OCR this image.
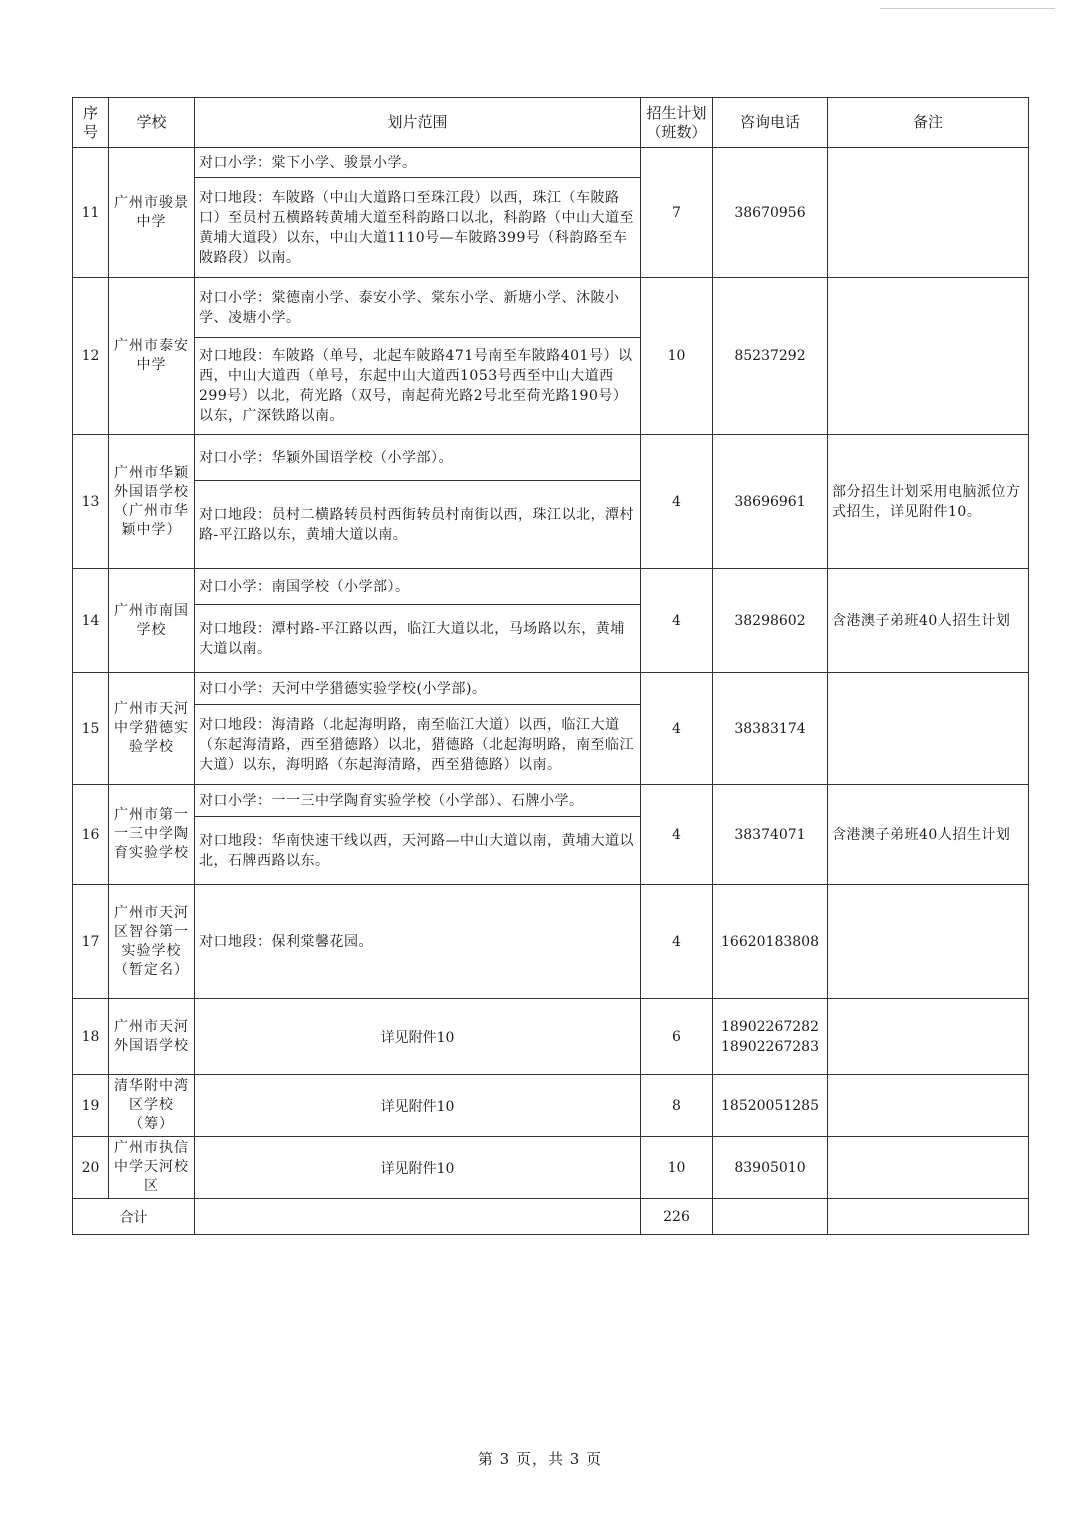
序号	学校	划片范围	招生计划（班数）	咨询电话	备注
11	广州市骏景中学	对口小学：棠下小学、骏景小学。	7	38670956	
		对口地段：车陂路（中山大道路口至珠江段）以西，珠江（车陂路口）至员村五横路转黄埔大道至科韵路口以北，科韵路（中山大道至黄埔大道段）以东，中山大道1110号—车陂路399号（科韵路至车陂路段）以南。			
12	广州市泰安中学	对口小学：棠德南小学、泰安小学、棠东小学、新塘小学、沐陂小学、凌塘小学。	10	85237292	
		对口地段：车陂路（单号，北起车陂路471号南至车陂路401号）以西，中山大道西（单号，东起中山大道西1053号西至中山大道西299号）以北，荷光路（双号，南起荷光路2号北至荷光路190号）以东，广深铁路以南。			
13	广州市华颖外国语学校（广州市华颖中学）	对口小学：华颖外国语学校（小学部）。	4	38696961	部分招生计划采用电脑派位方式招生，详见附件10。
		对口地段：员村二横路转员村西街转员村南街以西，珠江以北，潭村路-平江路以东，黄埔大道以南。			
14	广州市南国学校	对口小学：南国学校（小学部）。	4	38298602	含港澳子弟班40人招生计划
		对口地段：潭村路-平江路以西，临江大道以北，马场路以东，黄埔大道以南。			
15	广州市天河中学猎德实验学校	对口小学：天河中学猎德实验学校(小学部)。	4	38383174	
		对口地段：海清路（北起海明路，南至临江大道）以西，临江大道（东起海清路，西至猎德路）以北，猎德路（北起海明路，南至临江大道）以东，海明路（东起海清路，西至猎德路）以南。			
16	广州市第一一三中学陶育实验学校	对口小学：一一三中学陶育实验学校（小学部）、石牌小学。	4	38374071	含港澳子弟班40人招生计划
		对口地段：华南快速干线以西，天河路—中山大道以南，黄埔大道以北，石牌西路以东。			
17	广州市天河区智谷第一实验学校（暂定名）	对口地段：保利棠馨花园。	4	16620183808	
18	广州市天河外国语学校	详见附件10	6	18902267282
18902267283	

19	清华附中湾区学校（筹）	详见附件10	8	18520051285	
20	广州市执信中学天河校区	详见附件10	10	83905010	
合计			226		
第 3 页，共 3 页
